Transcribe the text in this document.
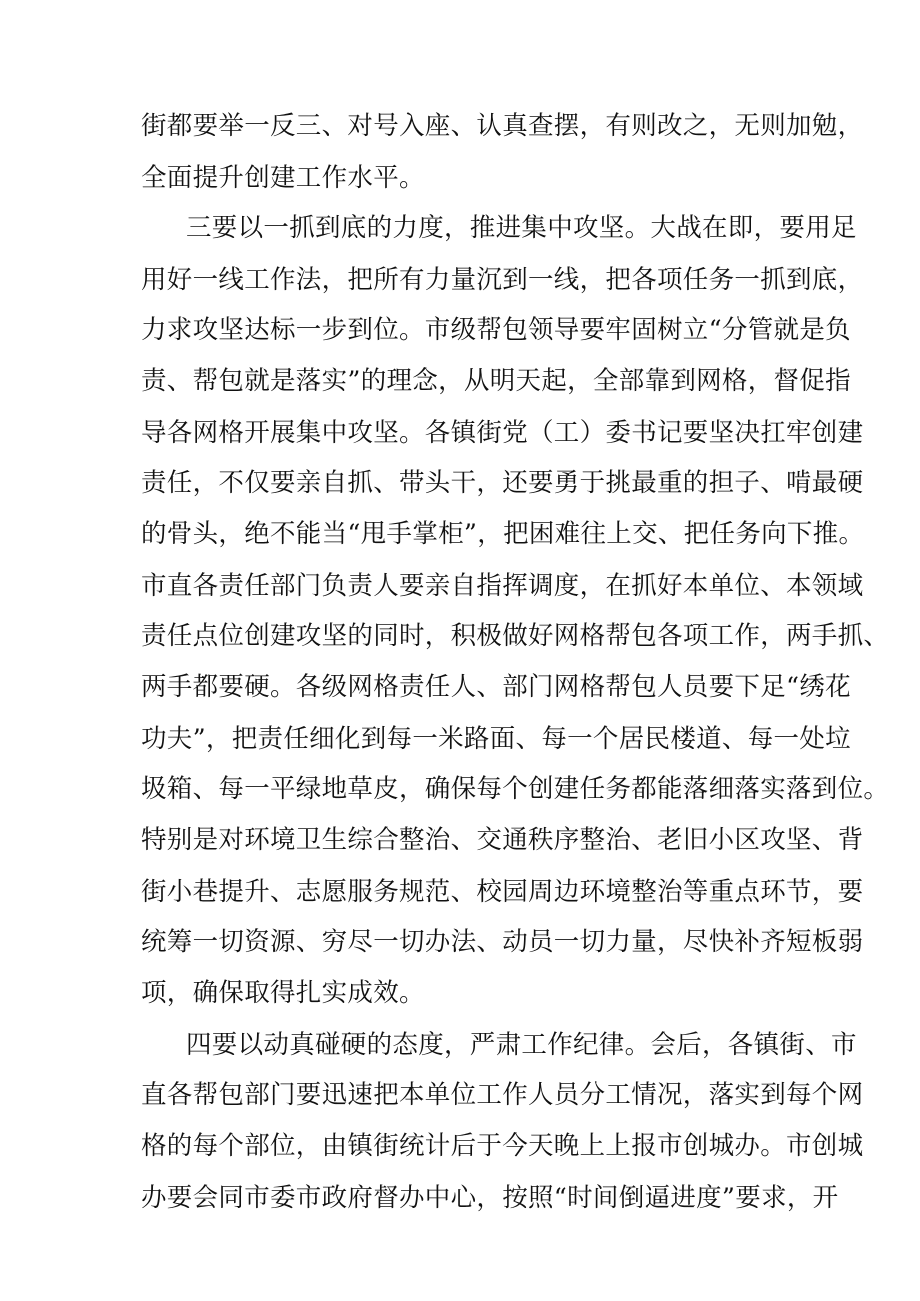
街都要举一反三、对号入座、认真查摆，有则改之，无则加勉，
全面提升创建工作水平。
三要以一抓到底的力度，推进集中攻坚。大战在即，要用足
用好一线工作法，把所有力量沉到一线，把各项任务一抓到底，
力求攻坚达标一步到位。市级帮包领导要牢固树立“分管就是负
责、帮包就是落实”的理念，从明天起，全部靠到网格，督促指
导各网格开展集中攻坚。各镇街党（工）委书记要坚决扛牢创建
责任，不仅要亲自抓、带头干，还要勇于挑最重的担子、啃最硬
的骨头，绝不能当“甩手掌柜”，把困难往上交、把任务向下推。
市直各责任部门负责人要亲自指挥调度，在抓好本单位、本领域
责任点位创建攻坚的同时，积极做好网格帮包各项工作，两手抓、
两手都要硬。各级网格责任人、部门网格帮包人员要下足“绣花
功夫”，把责任细化到每一米路面、每一个居民楼道、每一处垃
圾箱、每一平绿地草皮，确保每个创建任务都能落细落实落到位。
特别是对环境卫生综合整治、交通秩序整治、老旧小区攻坚、背
街小巷提升、志愿服务规范、校园周边环境整治等重点环节，要
统筹一切资源、穷尽一切办法、动员一切力量，尽快补齐短板弱
项，确保取得扎实成效。
四要以动真碰硬的态度，严肃工作纪律。会后，各镇街、市
直各帮包部门要迅速把本单位工作人员分工情况，落实到每个网
格的每个部位，由镇街统计后于今天晚上上报市创城办。市创城
办要会同市委市政府督办中心，按照“时间倒逼进度”要求，开
